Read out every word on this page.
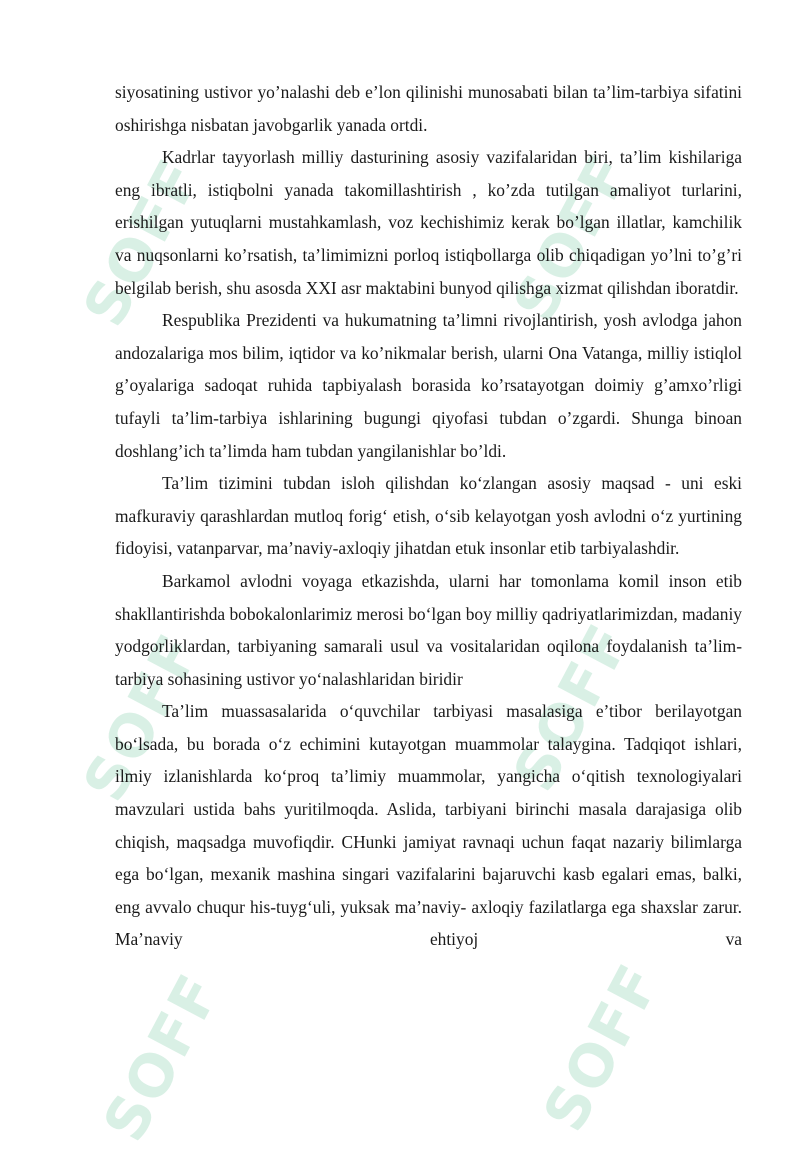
SOFF	SOFF
SOFF	SOFF
SOFF	SOFF

siyosatining ustivor yo’nalashi deb e’lon qilinishi munosabati bilan ta’lim-tarbiya sifatini oshirishga nisbatan javobgarlik yanada ortdi.

Kadrlar tayyorlash milliy dasturining asosiy vazifalaridan biri, ta’lim kishilariga eng ibratli, istiqbolni yanada takomillashtirish , ko’zda tutilgan amaliyot turlarini, erishilgan yutuqlarni mustahkamlash, voz kechishimiz kerak bo’lgan illatlar, kamchilik va nuqsonlarni ko’rsatish, ta’limimizni porloq istiqbollarga olib chiqadigan yo’lni to’g’ri belgilab berish, shu asosda XXI asr maktabini bunyod qilishga xizmat qilishdan iboratdir.

Respublika Prezidenti va hukumatning ta’limni rivojlantirish, yosh avlodga jahon andozalariga mos bilim, iqtidor va ko’nikmalar berish, ularni Ona Vatanga, milliy istiqlol g’oyalariga sadoqat ruhida tapbiyalash borasida ko’rsatayotgan doimiy g’amxo’rligi tufayli ta’lim-tarbiya ishlarining bugungi qiyofasi tubdan o’zgardi. Shunga binoan doshlang’ich ta’limda ham tubdan yangilanishlar bo’ldi.

Ta’lim tizimini tubdan isloh qilishdan ko‘zlangan asosiy maqsad - uni eski mafkuraviy qarashlardan mutloq forig‘ etish, o‘sib kelayotgan yosh avlodni o‘z yurtining fidoyisi, vatanparvar, ma’naviy-axloqiy jihatdan etuk insonlar etib tarbiyalashdir.

Barkamol avlodni voyaga etkazishda, ularni har tomonlama komil inson etib shakllantirishda bobokalonlarimiz merosi bo‘lgan boy milliy qadriyatlarimizdan, madaniy yodgorliklardan, tarbiyaning samarali usul va vositalaridan oqilona foydalanish ta’lim-tarbiya sohasining ustivor yo‘nalashlaridan biridir

Ta’lim muassasalarida o‘quvchilar tarbiyasi masalasiga e’tibor berilayotgan bo‘lsada, bu borada o‘z echimini kutayotgan muammolar talaygina. Tadqiqot ishlari, ilmiy izlanishlarda ko‘proq ta’limiy muammolar, yangicha o‘qitish texnologiyalari mavzulari ustida bahs yuritilmoqda. Aslida, tarbiyani birinchi masala darajasiga olib chiqish, maqsadga muvofiqdir. CHunki jamiyat ravnaqi uchun faqat nazariy bilimlarga ega bo‘lgan, mexanik mashina singari vazifalarini bajaruvchi kasb egalari emas, balki, eng avvalo chuqur his-tuyg‘uli, yuksak ma’naviy- axloqiy fazilatlarga ega shaxslar zarur. Ma’naviy ehtiyoj va
